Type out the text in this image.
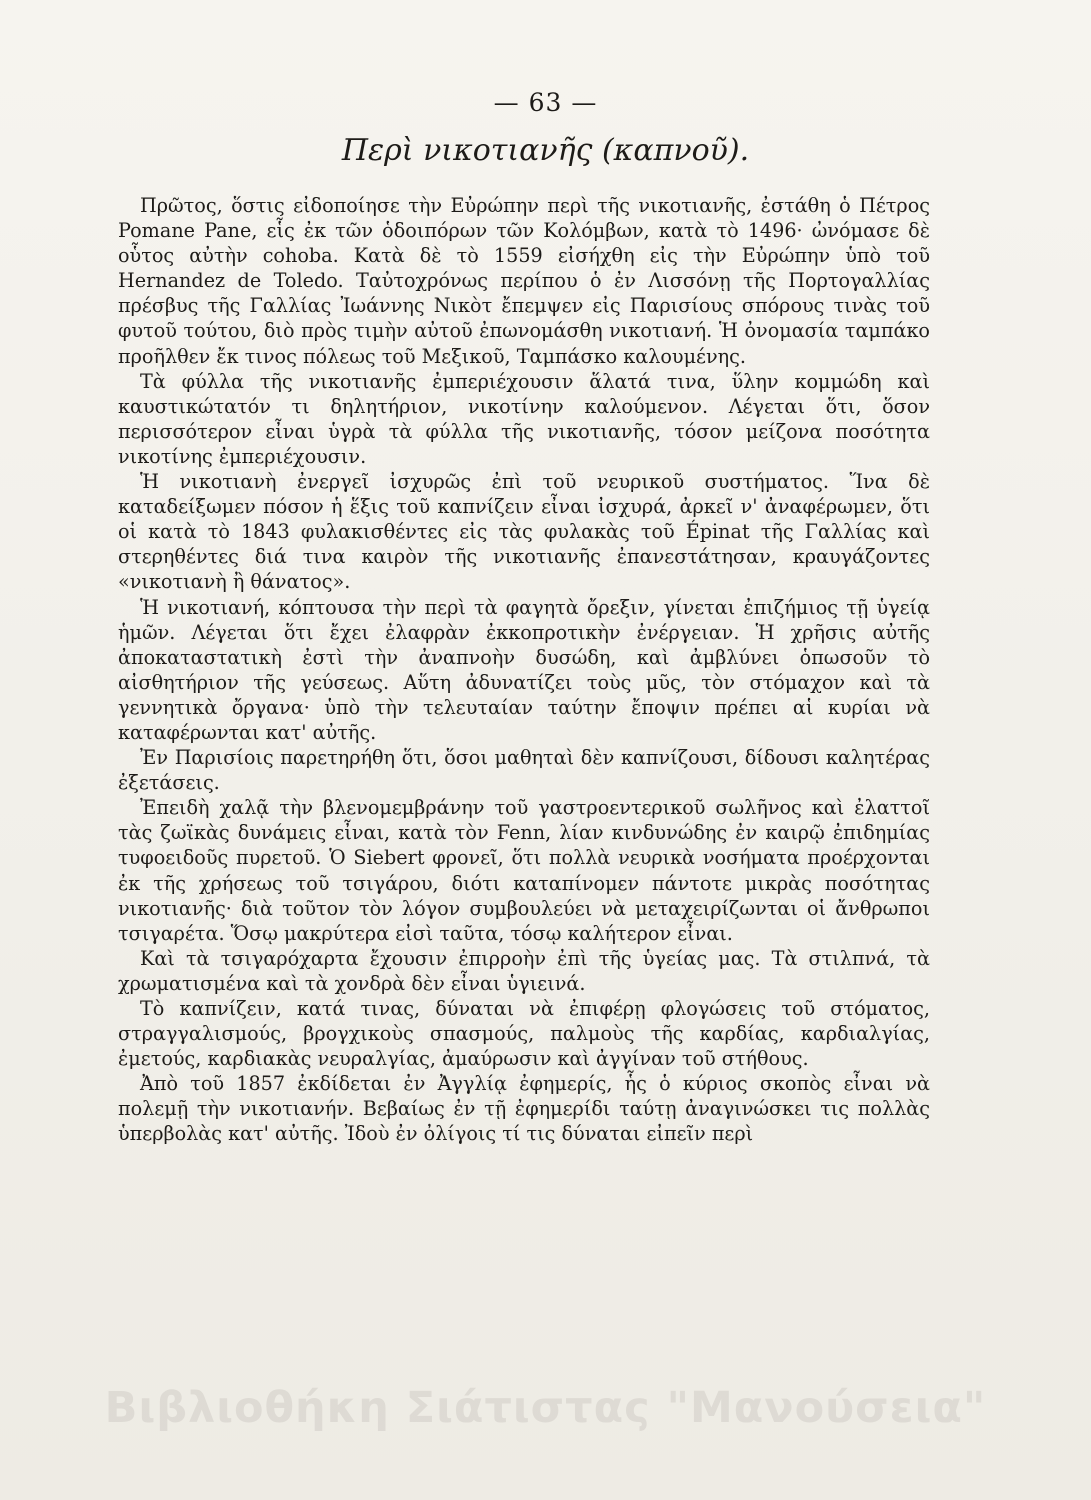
— 63 —
Περὶ νικοτιανῆς (καπνοῦ).

Πρῶτος, ὅστις εἰδοποίησε τὴν Εὐρώπην περὶ τῆς νικοτιανῆς, ἐστάθη ὁ Πέτρος Pomane Pane, εἷς ἐκ τῶν ὁδοιπόρων τῶν Κολόμβων, κατὰ τὸ 1496· ὠνόμασε δὲ οὗτος αὐτὴν cohoba. Κατὰ δὲ τὸ 1559 εἰσήχθη εἰς τὴν Εὐρώπην ὑπὸ τοῦ Hernandez de Toledo. Ταὐτοχρόνως περίπου ὁ ἐν Λισσόνῃ τῆς Πορτογαλλίας πρέσβυς τῆς Γαλλίας Ἰωάννης Νικὸτ ἔπεμψεν εἰς Παρισίους σπόρους τινὰς τοῦ φυτοῦ τούτου, διὸ πρὸς τιμὴν αὐτοῦ ἐπωνομάσθη νικοτιανή. Ἡ ὀνομασία ταμπάκο προῆλθεν ἔκ τινος πόλεως τοῦ Μεξικοῦ, Ταμπάσκο καλουμένης.

Τὰ φύλλα τῆς νικοτιανῆς ἐμπεριέχουσιν ἅλατά τινα, ὕλην κομμώδη καὶ καυστικώτατόν τι δηλητήριον, νικοτίνην καλούμενον. Λέγεται ὅτι, ὅσον περισσότερον εἶναι ὑγρὰ τὰ φύλλα τῆς νικοτιανῆς, τόσον μείζονα ποσότητα νικοτίνης ἐμπεριέχουσιν.

Ἡ νικοτιανὴ ἐνεργεῖ ἰσχυρῶς ἐπὶ τοῦ νευρικοῦ συστήματος. Ἵνα δὲ καταδείξωμεν πόσον ἡ ἕξις τοῦ καπνίζειν εἶναι ἰσχυρά, ἀρκεῖ ν' ἀναφέρωμεν, ὅτι οἱ κατὰ τὸ 1843 φυλακισθέντες εἰς τὰς φυλακὰς τοῦ Épinat τῆς Γαλλίας καὶ στερηθέντες διά τινα καιρὸν τῆς νικοτιανῆς ἐπανεστάτησαν, κραυγάζοντες «νικοτιανὴ ἢ θάνατος».

Ἡ νικοτιανή, κόπτουσα τὴν περὶ τὰ φαγητὰ ὄρεξιν, γίνεται ἐπιζήμιος τῇ ὑγείᾳ ἡμῶν. Λέγεται ὅτι ἔχει ἐλαφρὰν ἐκκοπροτικὴν ἐνέργειαν. Ἡ χρῆσις αὐτῆς ἀποκαταστατικὴ ἐστὶ τὴν ἀναπνοὴν δυσώδη, καὶ ἀμβλύνει ὁπωσοῦν τὸ αἰσθητήριον τῆς γεύσεως. Αὕτη ἀδυνατίζει τοὺς μῦς, τὸν στόμαχον καὶ τὰ γεννητικὰ ὄργανα· ὑπὸ τὴν τελευταίαν ταύτην ἔποψιν πρέπει αἱ κυρίαι νὰ καταφέρωνται κατ' αὐτῆς.

Ἐν Παρισίοις παρετηρήθη ὅτι, ὅσοι μαθηταὶ δὲν καπνίζουσι, δίδουσι καλητέρας ἐξετάσεις.

Ἐπειδὴ χαλᾷ τὴν βλενομεμβράνην τοῦ γαστροεντερικοῦ σωλῆνος καὶ ἐλαττοῖ τὰς ζωϊκὰς δυνάμεις εἶναι, κατὰ τὸν Fenn, λίαν κινδυνώδης ἐν καιρῷ ἐπιδημίας τυφοειδοῦς πυρετοῦ. Ὁ Siebert φρονεῖ, ὅτι πολλὰ νευρικὰ νοσήματα προέρχονται ἐκ τῆς χρήσεως τοῦ τσιγάρου, διότι καταπίνομεν πάντοτε μικρὰς ποσότητας νικοτιανῆς· διὰ τοῦτον τὸν λόγον συμβουλεύει νὰ μεταχειρίζωνται οἱ ἄνθρωποι τσιγαρέτα. Ὅσῳ μακρύτερα εἰσὶ ταῦτα, τόσῳ καλήτερον εἶναι.

Καὶ τὰ τσιγαρόχαρτα ἔχουσιν ἐπιρροὴν ἐπὶ τῆς ὑγείας μας. Τὰ στιλπνά, τὰ χρωματισμένα καὶ τὰ χονδρὰ δὲν εἶναι ὑγιεινά.

Τὸ καπνίζειν, κατά τινας, δύναται νὰ ἐπιφέρῃ φλογώσεις τοῦ στόματος, στραγγαλισμούς, βρογχικοὺς σπασμούς, παλμοὺς τῆς καρδίας, καρδιαλγίας, ἐμετούς, καρδιακὰς νευραλγίας, ἀμαύρωσιν καὶ ἀγγίναν τοῦ στήθους.

Ἀπὸ τοῦ 1857 ἐκδίδεται ἐν Ἀγγλίᾳ ἐφημερίς, ἧς ὁ κύριος σκοπὸς εἶναι νὰ πολεμῇ τὴν νικοτιανήν. Βεβαίως ἐν τῇ ἐφημερίδι ταύτῃ ἀναγινώσκει τις πολλὰς ὑπερβολὰς κατ' αὐτῆς. Ἰδοὺ ἐν ὀλίγοις τί τις δύναται εἰπεῖν περὶ

Βιβλιοθήκη Σιάτιστας "Μανούσεια"
